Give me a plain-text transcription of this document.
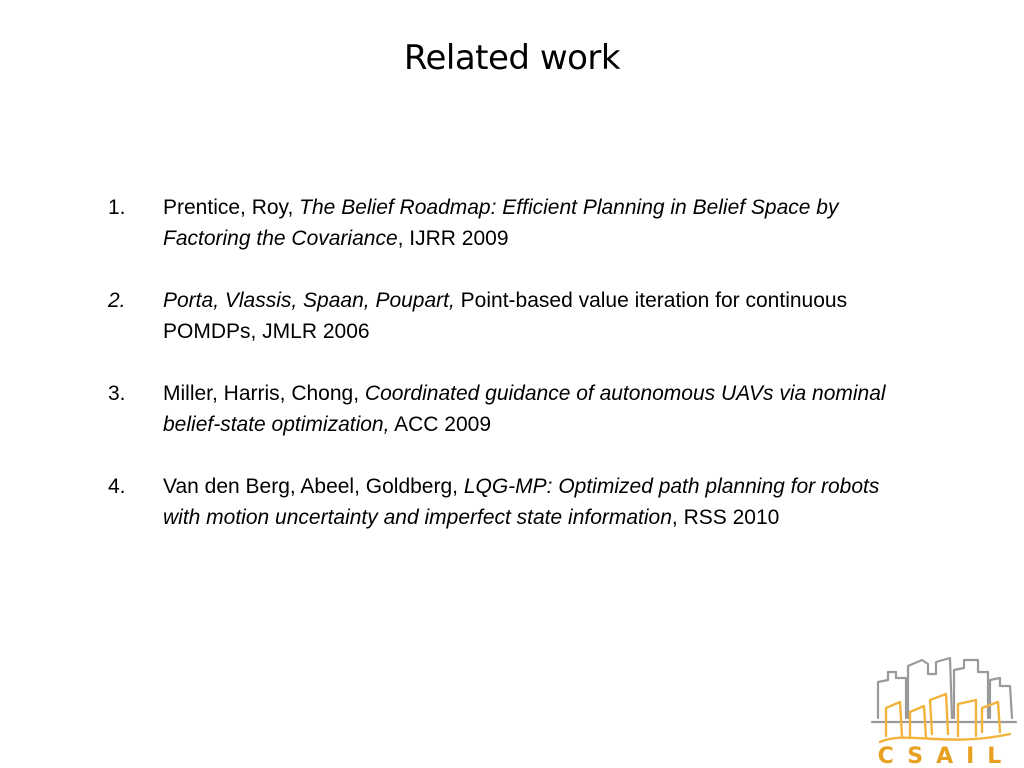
Related work
1. Prentice, Roy, The Belief Roadmap: Efficient Planning in Belief Space by Factoring the Covariance, IJRR 2009
2. Porta, Vlassis, Spaan, Poupart, Point-based value iteration for continuous POMDPs, JMLR 2006
3. Miller, Harris, Chong, Coordinated guidance of autonomous UAVs via nominal belief-state optimization, ACC 2009
4. Van den Berg, Abeel, Goldberg, LQG-MP: Optimized path planning for robots with motion uncertainty and imperfect state information, RSS 2010
CSAIL
